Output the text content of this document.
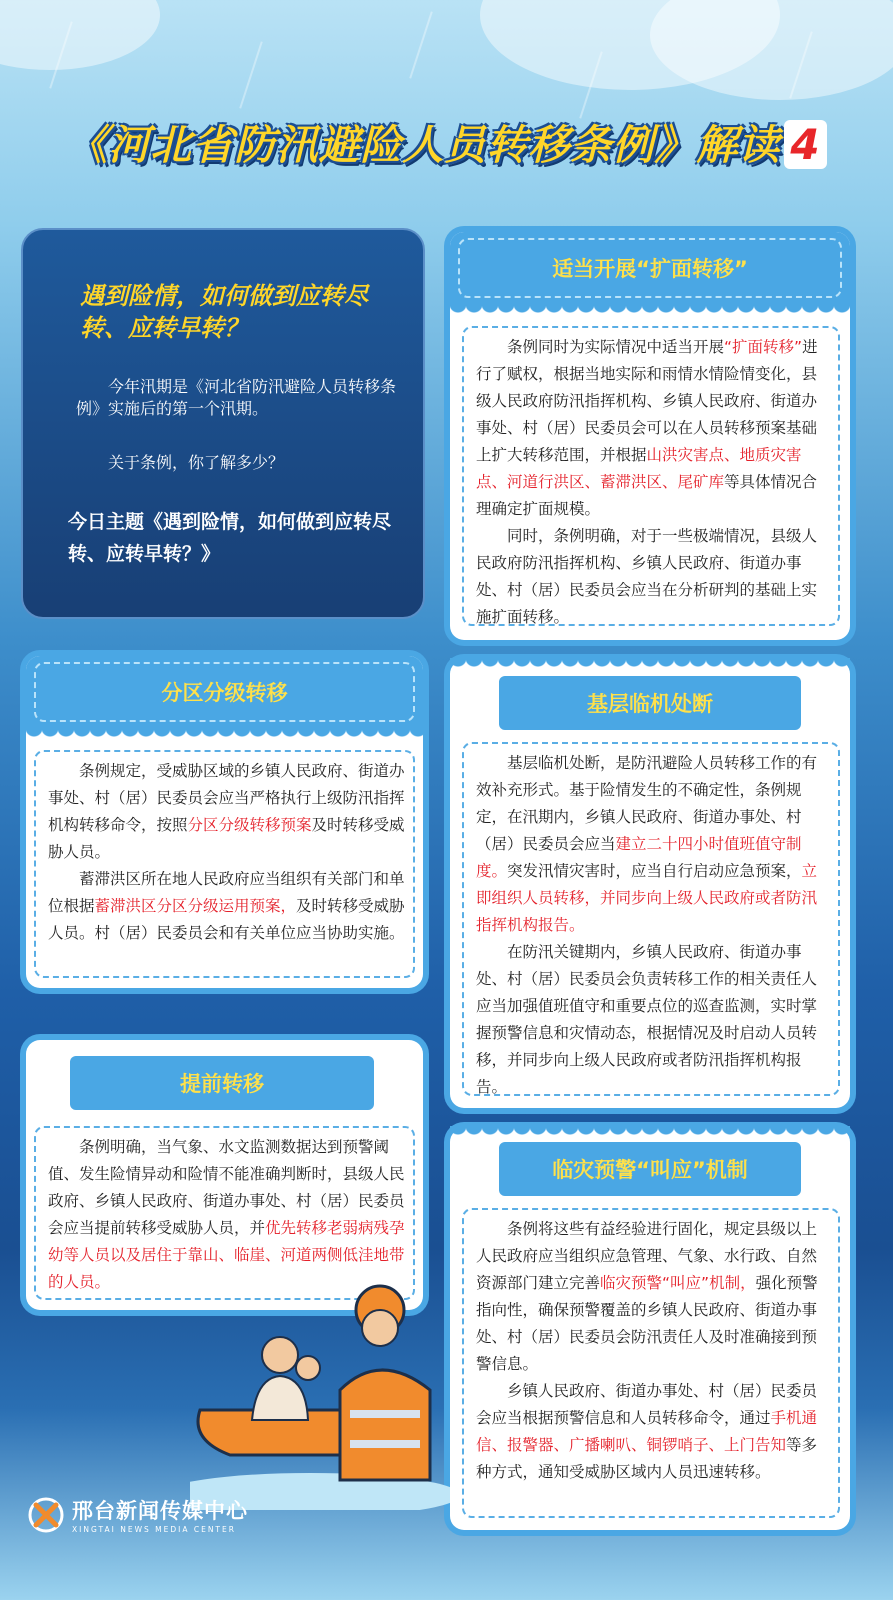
《河北省防汛避险人员转移条例》解读 4
遇到险情，如何做到应转尽转、应转早转？

今年汛期是《河北省防汛避险人员转移条例》实施后的第一个汛期。

关于条例，你了解多少？

今日主题《遇到险情，如何做到应转尽转、应转早转？》

适当开展“扩面转移”

条例同时为实际情况中适当开展“扩面转移”进行了赋权，根据当地实际和雨情水情险情变化，县级人民政府防汛指挥机构、乡镇人民政府、街道办事处、村（居）民委员会可以在人员转移预案基础上扩大转移范围，并根据山洪灾害点、地质灾害点、河道行洪区、蓄滞洪区、尾矿库等具体情况合理确定扩面规模。

同时，条例明确，对于一些极端情况，县级人民政府防汛指挥机构、乡镇人民政府、街道办事处、村（居）民委员会应当在分析研判的基础上实施扩面转移。

分区分级转移

条例规定，受威胁区域的乡镇人民政府、街道办事处、村（居）民委员会应当严格执行上级防汛指挥机构转移命令，按照分区分级转移预案及时转移受威胁人员。

蓄滞洪区所在地人民政府应当组织有关部门和单位根据蓄滞洪区分区分级运用预案，及时转移受威胁人员。村（居）民委员会和有关单位应当协助实施。

基层临机处断

基层临机处断，是防汛避险人员转移工作的有效补充形式。基于险情发生的不确定性，条例规定，在汛期内，乡镇人民政府、街道办事处、村（居）民委员会应当建立二十四小时值班值守制度。突发汛情灾害时，应当自行启动应急预案，立即组织人员转移，并同步向上级人民政府或者防汛指挥机构报告。

在防汛关键期内，乡镇人民政府、街道办事处、村（居）民委员会负责转移工作的相关责任人应当加强值班值守和重要点位的巡查监测，实时掌握预警信息和灾情动态，根据情况及时启动人员转移，并同步向上级人民政府或者防汛指挥机构报告。

提前转移

条例明确，当气象、水文监测数据达到预警阈值、发生险情异动和险情不能准确判断时，县级人民政府、乡镇人民政府、街道办事处、村（居）民委员会应当提前转移受威胁人员，并优先转移老弱病残孕幼等人员以及居住于靠山、临崖、河道两侧低洼地带的人员。

临灾预警“叫应”机制

条例将这些有益经验进行固化，规定县级以上人民政府应当组织应急管理、气象、水行政、自然资源部门建立完善临灾预警“叫应”机制，强化预警指向性，确保预警覆盖的乡镇人民政府、街道办事处、村（居）民委员会防汛责任人及时准确接到预警信息。

乡镇人民政府、街道办事处、村（居）民委员会应当根据预警信息和人员转移命令，通过手机通信、报警器、广播喇叭、铜锣哨子、上门告知等多种方式，通知受威胁区域内人员迅速转移。

邢台新闻传媒中心
XINGTAI NEWS MEDIA CENTER
